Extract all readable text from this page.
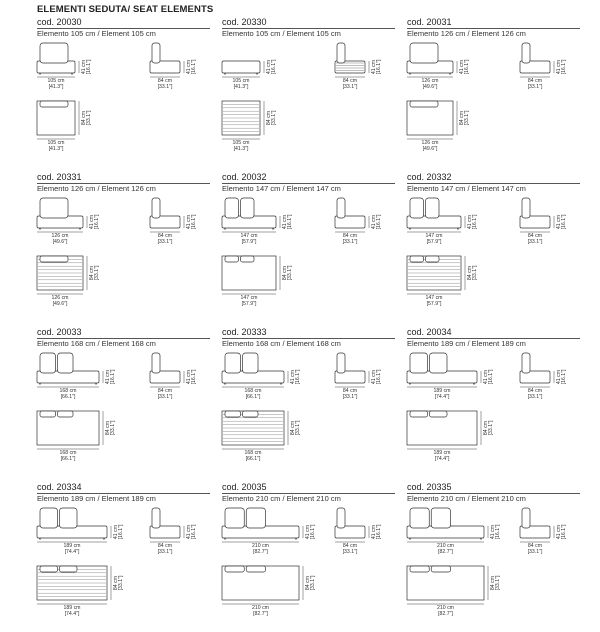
ELEMENTI SEDUTA/ SEAT ELEMENTS
cod. 20030
Elemento 105 cm / Element 105 cm
105 cm
[41.3"]
41 cm [16.1"]
84 cm
[33.1"]
41 cm [16.1"]
105 cm
[41.3"]
84 cm [33.1"]
cod. 20330
Elemento 105 cm / Element 105 cm
105 cm
[41.3"]
41 cm [16.1"]
84 cm
[33.1"]
41 cm [16.1"]
105 cm
[41.3"]
84 cm [33.1"]
cod. 20031
Elemento 126 cm / Element 126 cm
126 cm
[49.6"]
41 cm [16.1"]
84 cm
[33.1"]
41 cm [16.1"]
126 cm
[49.6"]
84 cm [33.1"]
cod. 20331
Elemento 126 cm / Element 126 cm
126 cm
[49.6"]
41 cm [16.1"]
84 cm
[33.1"]
41 cm [16.1"]
126 cm
[49.6"]
84 cm [33.1"]
cod. 20032
Elemento 147 cm / Element 147 cm
147 cm
[57.9"]
41 cm [16.1"]
84 cm
[33.1"]
41 cm [16.1"]
147 cm
[57.9"]
84 cm [33.1"]
cod. 20332
Elemento 147 cm / Element 147 cm
147 cm
[57.9"]
41 cm [16.1"]
84 cm
[33.1"]
41 cm [16.1"]
147 cm
[57.9"]
84 cm [33.1"]
cod. 20033
Elemento 168 cm / Element 168 cm
168 cm
[66.1"]
41 cm [16.1"]
84 cm
[33.1"]
41 cm [16.1"]
168 cm
[66.1"]
84 cm [33.1"]
cod. 20333
Elemento 168 cm / Element 168 cm
168 cm
[66.1"]
41 cm [16.1"]
84 cm
[33.1"]
41 cm [16.1"]
168 cm
[66.1"]
84 cm [33.1"]
cod. 20034
Elemento 189 cm / Element 189 cm
189 cm
[74.4"]
41 cm [16.1"]
84 cm
[33.1"]
41 cm [16.1"]
189 cm
[74.4"]
84 cm [33.1"]
cod. 20334
Elemento 189 cm / Element 189 cm
189 cm
[74.4"]
41 cm [16.1"]
84 cm
[33.1"]
41 cm [16.1"]
189 cm
[74.4"]
84 cm [33.1"]
cod. 20035
Elemento 210 cm / Element 210 cm
210 cm
[82.7"]
41 cm [16.1"]
84 cm
[33.1"]
41 cm [16.1"]
210 cm
[82.7"]
84 cm [33.1"]
cod. 20335
Elemento 210 cm / Element 210 cm
210 cm
[82.7"]
41 cm [16.1"]
84 cm
[33.1"]
41 cm [16.1"]
210 cm
[82.7"]
84 cm [33.1"]
